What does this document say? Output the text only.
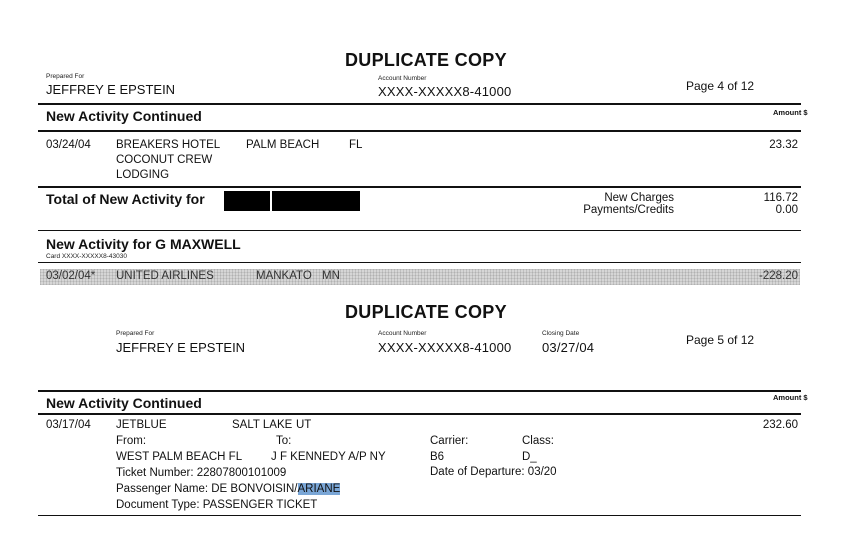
DUPLICATE COPY
Prepared For
JEFFREY E EPSTEIN
Account Number
XXXX-XXXXX8-41000	Page 4 of 12
New Activity Continued	Amount $
03/24/04 BREAKERS HOTEL PALM BEACH	FL	23.32
COCONUT CREW
LODGING
Total of New Activity for	New Charges	116.72
Payments/Credits	0.00
New Activity for G MAXWELL
Card XXXX-XXXXX8-43030
03/02/04* UNITED AIRLINES	MANKATO MN	-228.20
DUPLICATE COPY
Prepared For
JEFFREY E EPSTEIN
Account Number
XXXX-XXXXX8-41000
Closing Date
03/27/04	Page 5 of 12
New Activity Continued	Amount $
03/17/04 JETBLUE	SALT LAKE UT	232.60
From:	To:	Carrier:	Class:
WEST PALM BEACH FL	J F KENNEDY A/P NY	B6	D_
Ticket Number: 22807800101009	Date of Departure: 03/20
Passenger Name: DE BONVOISIN/ARIANE
Document Type: PASSENGER TICKET
